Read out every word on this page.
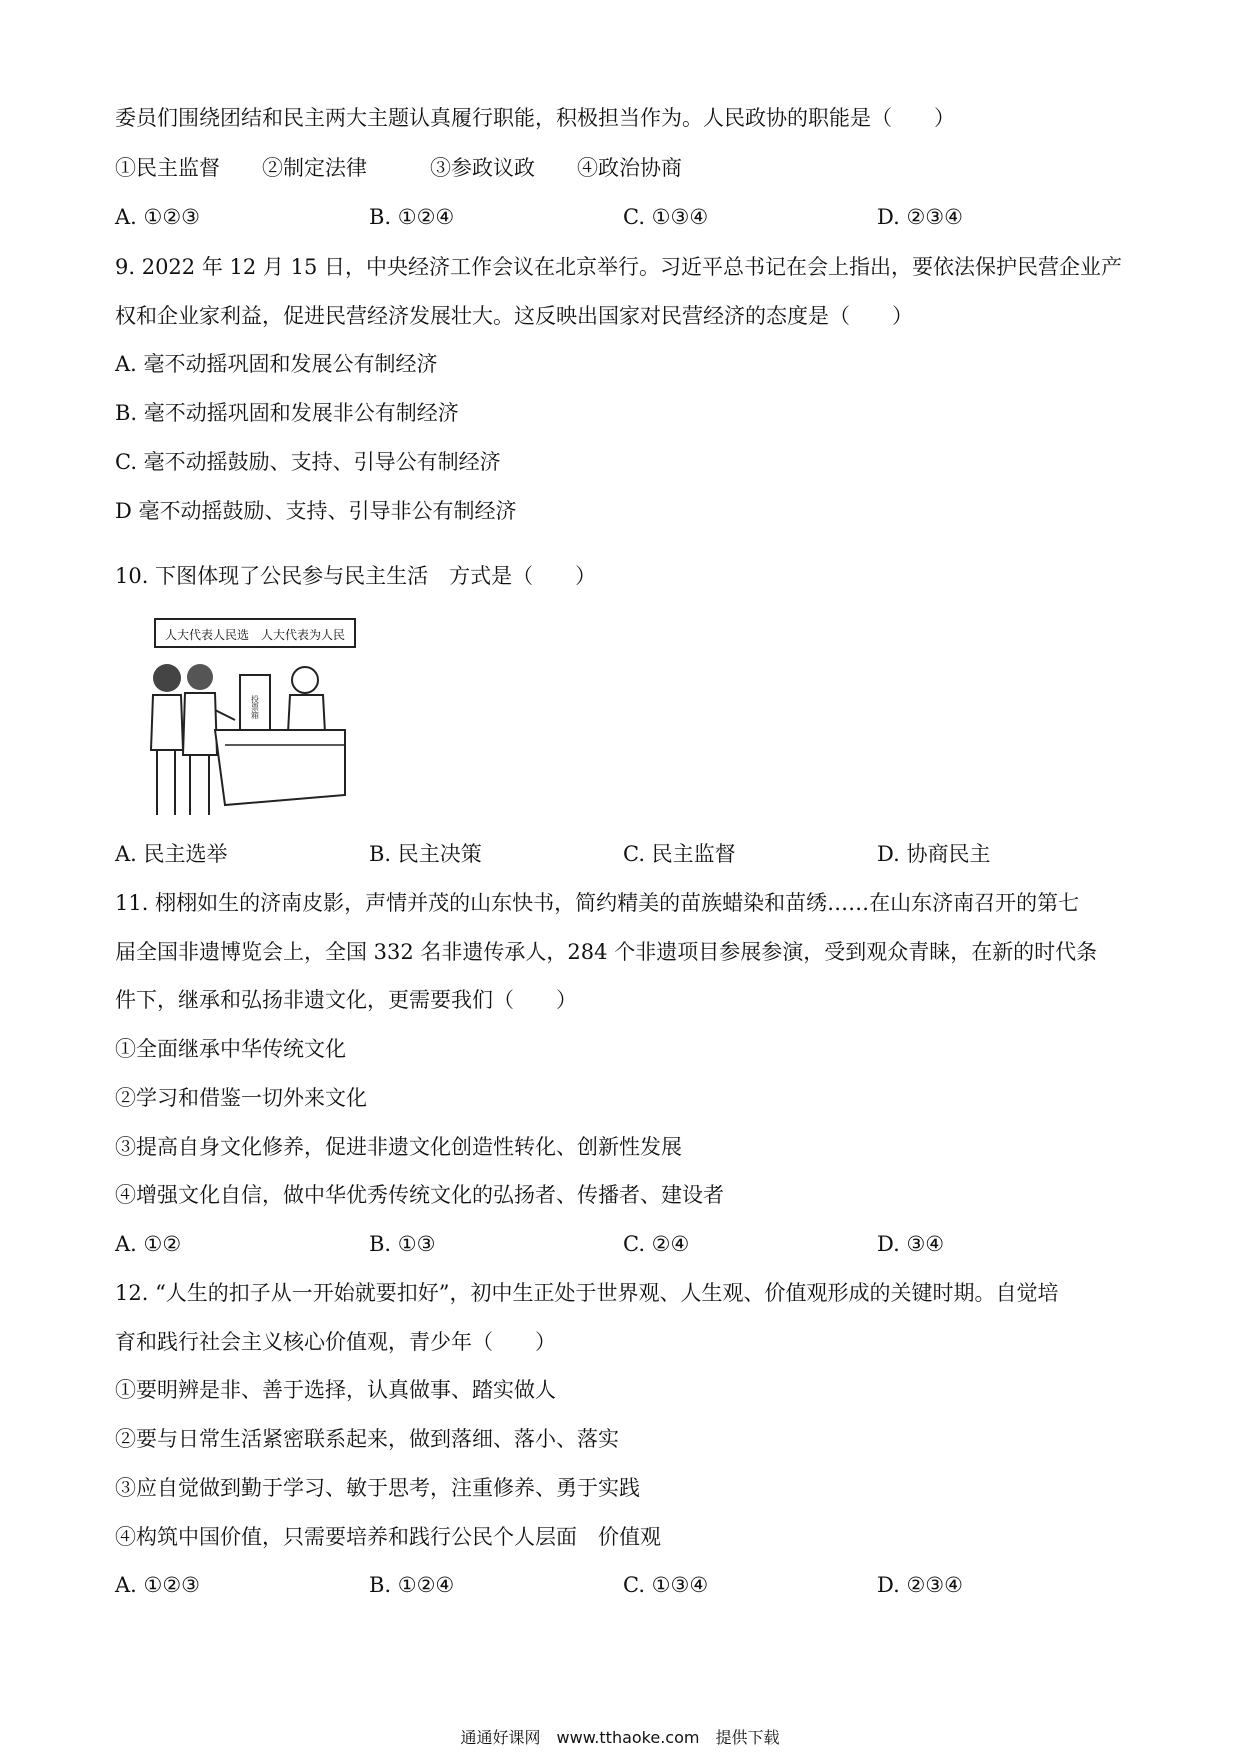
委员们围绕团结和民主两大主题认真履行职能，积极担当作为。人民政协的职能是（　　）
①民主监督　　②制定法律　　　③参政议政　　④政治协商
A. ①②③	B. ①②④	C. ①③④	D. ②③④
9. 2022 年 12 月 15 日，中央经济工作会议在北京举行。习近平总书记在会上指出，要依法保护民营企业产
权和企业家利益，促进民营经济发展壮大。这反映出国家对民营经济的态度是（　　）
A. 毫不动摇巩固和发展公有制经济
B. 毫不动摇巩固和发展非公有制经济
C. 毫不动摇鼓励、支持、引导公有制经济
D 毫不动摇鼓励、支持、引导非公有制经济
10. 下图体现了公民参与民主生活　方式是（　　）
人大代表人民选　人大代表为人民
投票箱
A. 民主选举	B. 民主决策	C. 民主监督	D. 协商民主
11. 栩栩如生的济南皮影，声情并茂的山东快书，简约精美的苗族蜡染和苗绣……在山东济南召开的第七
届全国非遗博览会上，全国 332 名非遗传承人，284 个非遗项目参展参演，受到观众青睐，在新的时代条
件下，继承和弘扬非遗文化，更需要我们（　　）
①全面继承中华传统文化
②学习和借鉴一切外来文化
③提高自身文化修养，促进非遗文化创造性转化、创新性发展
④增强文化自信，做中华优秀传统文化的弘扬者、传播者、建设者
A. ①②	B. ①③	C. ②④	D. ③④
12. “人生的扣子从一开始就要扣好”，初中生正处于世界观、人生观、价值观形成的关键时期。自觉培
育和践行社会主义核心价值观，青少年（　　）
①要明辨是非、善于选择，认真做事、踏实做人
②要与日常生活紧密联系起来，做到落细、落小、落实
③应自觉做到勤于学习、敏于思考，注重修养、勇于实践
④构筑中国价值，只需要培养和践行公民个人层面　价值观
A. ①②③	B. ①②④	C. ①③④	D. ②③④
通通好课网　www.tthaoke.com　提供下载
